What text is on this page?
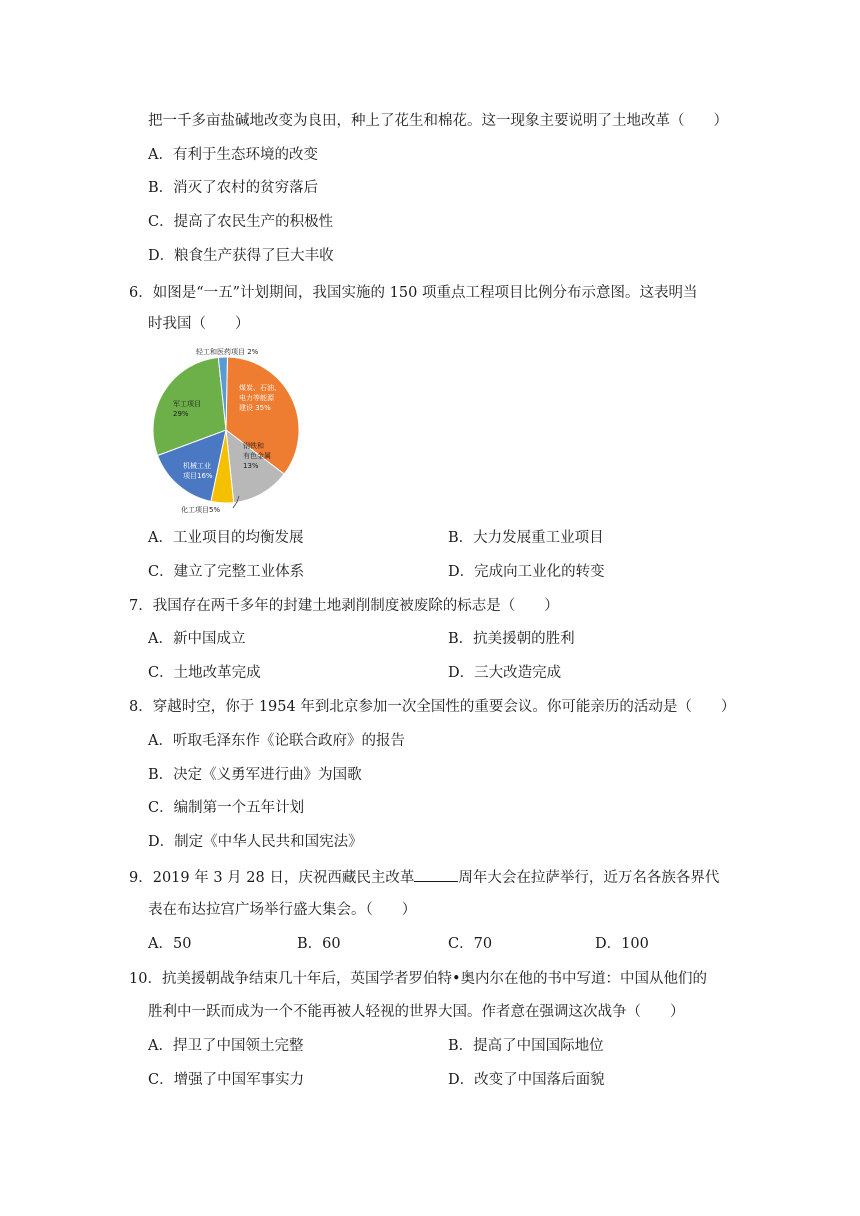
把一千多亩盐碱地改变为良田，种上了花生和棉花。这一现象主要说明了土地改革（　　）
A．有利于生态环境的改变
B．消灭了农村的贫穷落后
C．提高了农民生产的积极性
D．粮食生产获得了巨大丰收
6．如图是“一五”计划期间，我国实施的 150 项重点工程项目比例分布示意图。这表明当
时我国（　　）
煤炭、石油、电力等能源建设 35%
钢铁和有色金属 13%
化工项目5%
机械工业项目16%
军工项目 29%
轻工和医药项目 2%
A．工业项目的均衡发展	B．大力发展重工业项目
C．建立了完整工业体系	D．完成向工业化的转变
7．我国存在两千多年的封建土地剥削制度被废除的标志是（　　）
A．新中国成立	B．抗美援朝的胜利
C．土地改革完成	D．三大改造完成
8．穿越时空，你于 1954 年到北京参加一次全国性的重要会议。你可能亲历的活动是（　　）
A．听取毛泽东作《论联合政府》的报告
B．决定《义勇军进行曲》为国歌
C．编制第一个五年计划
D．制定《中华人民共和国宪法》
9．2019 年 3 月 28 日，庆祝西藏民主改革	周年大会在拉萨举行，近万名各族各界代
表在布达拉宫广场举行盛大集会。（　　）
A．50	B．60	C．70	D．100
10．抗美援朝战争结束几十年后，英国学者罗伯特•奥内尔在他的书中写道：中国从他们的
胜利中一跃而成为一个不能再被人轻视的世界大国。作者意在强调这次战争（　　）
A．捍卫了中国领土完整	B．提高了中国国际地位
C．增强了中国军事实力	D．改变了中国落后面貌
